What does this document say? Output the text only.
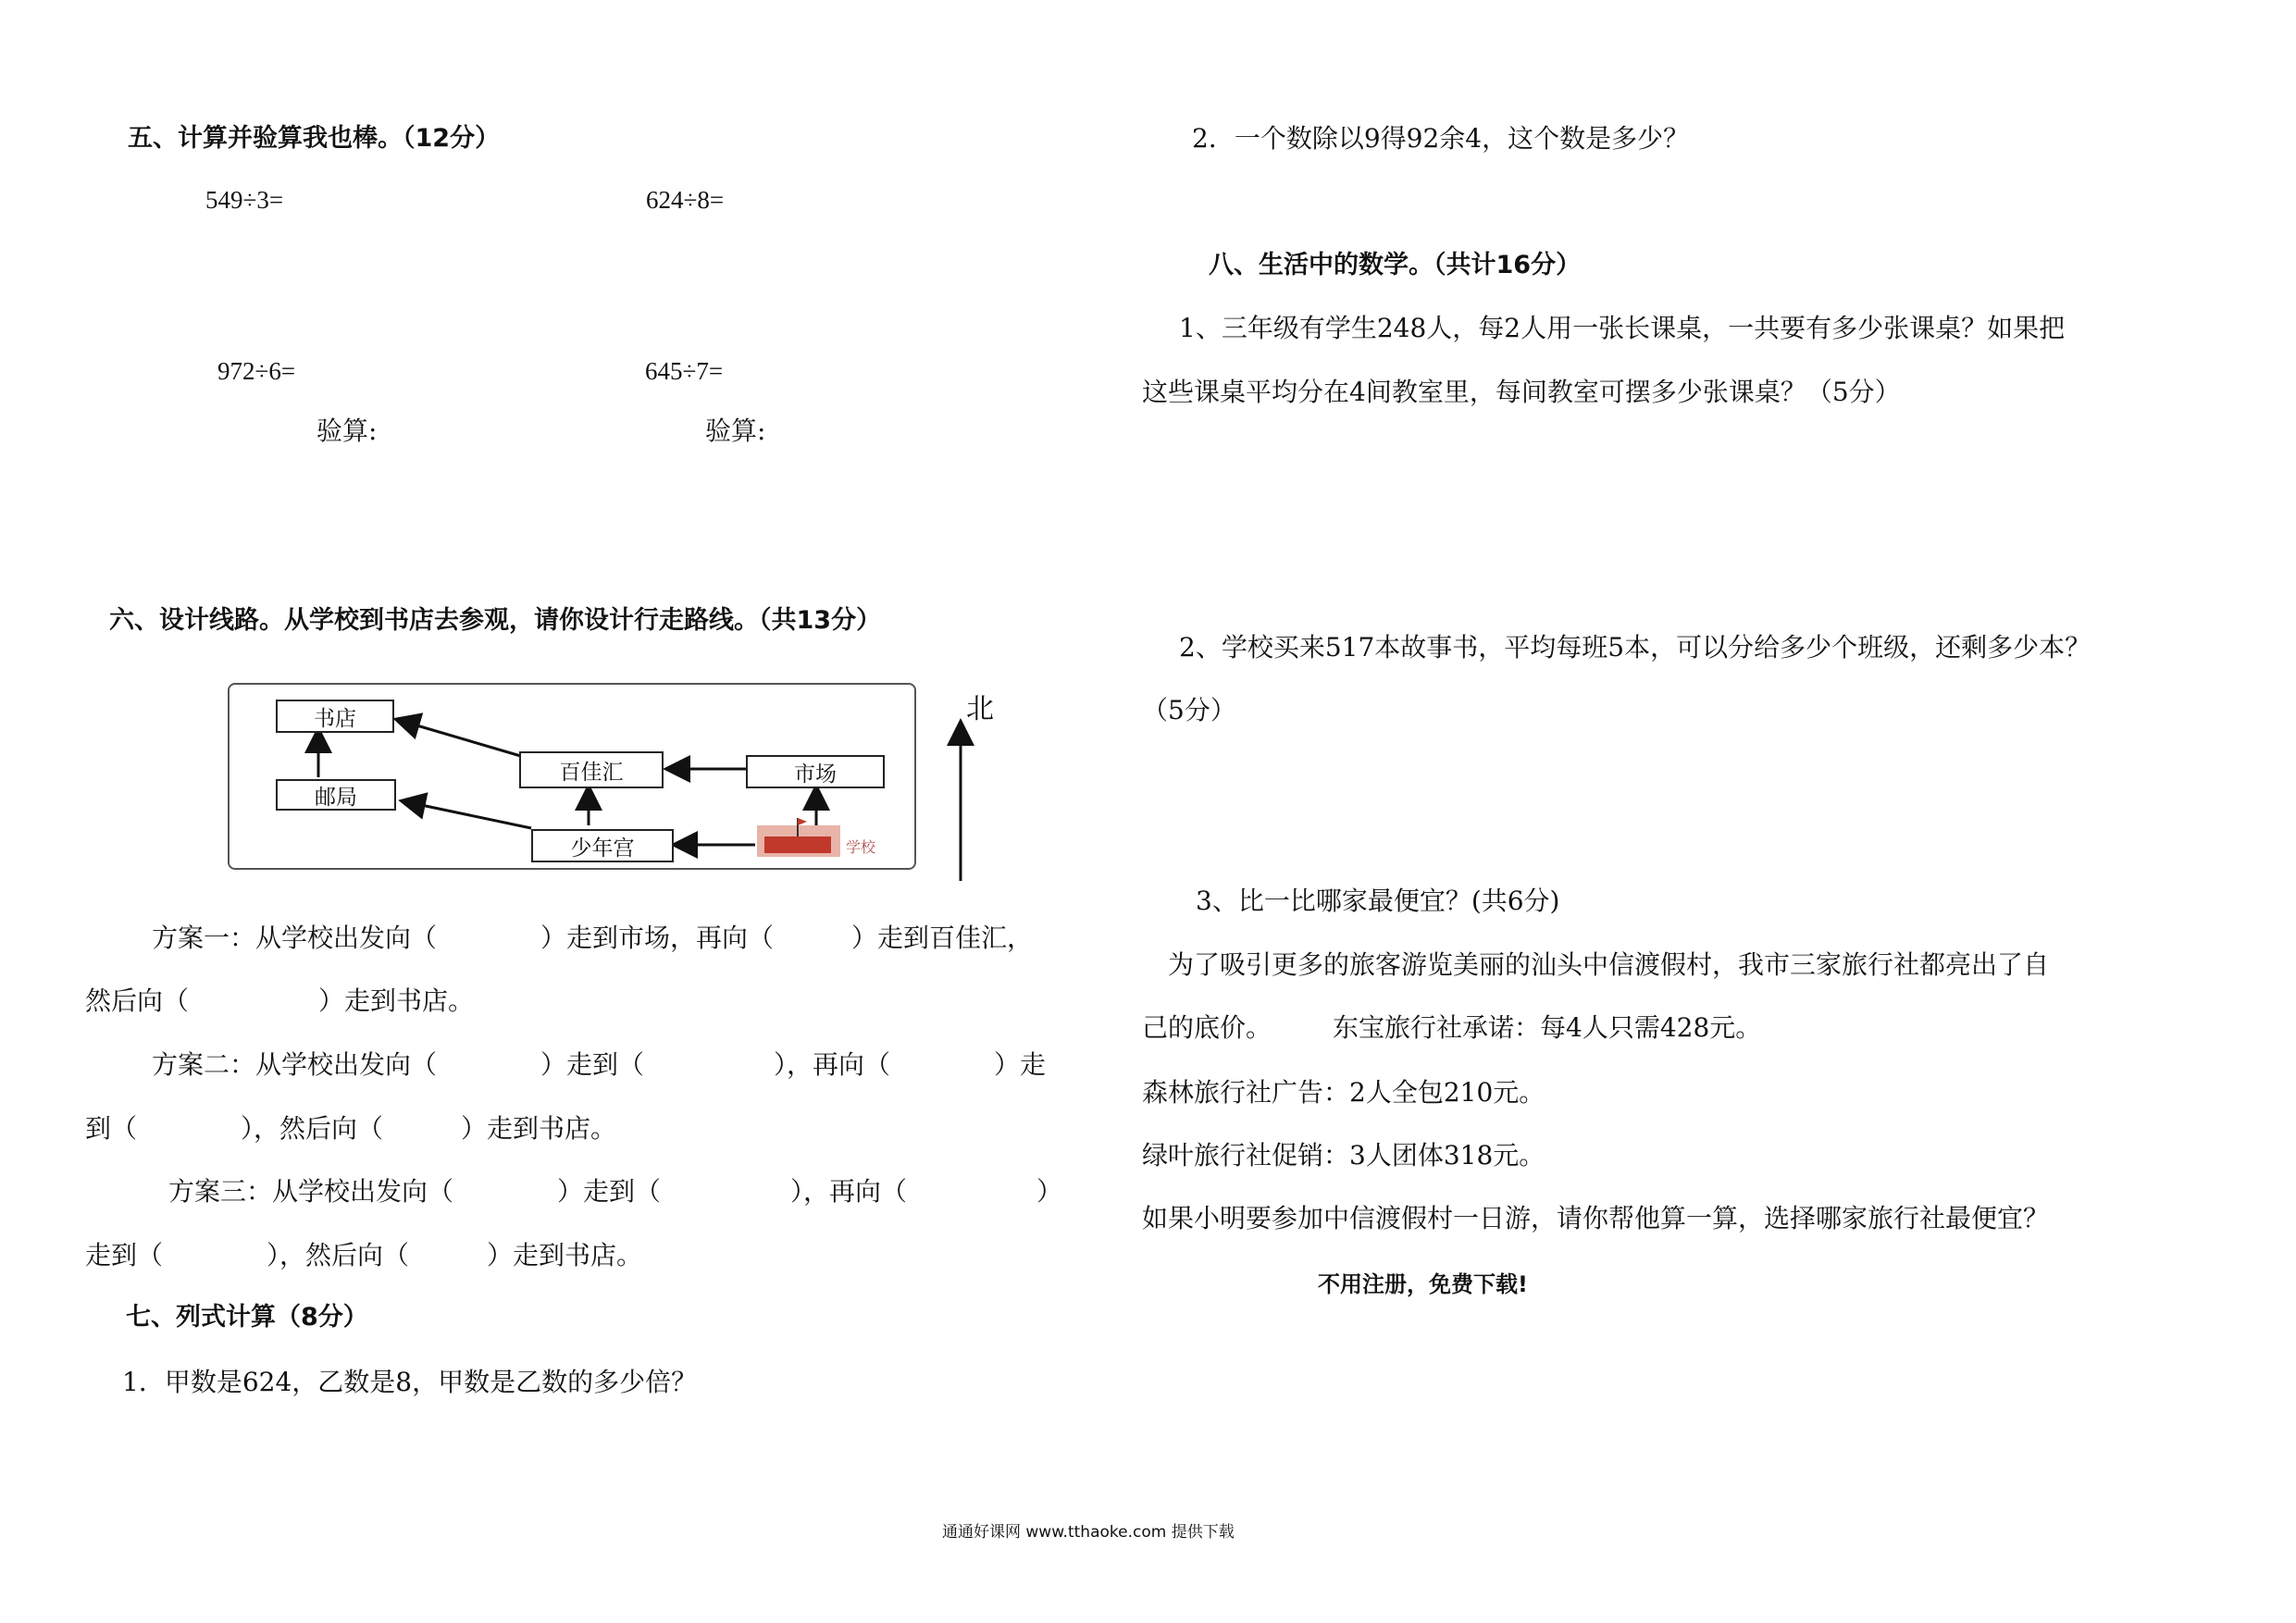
五、计算并验算我也棒。（12分）
549÷3=	624÷8=
972÷6=	645÷7=
验算:	验算:
六、设计线路。从学校到书店去参观，请你设计行走路线。（共13分）
书店
邮局
百佳汇	市场
少年宫	学校
北
方案一：从学校出发向（　　　　）走到市场，再向（　　　）走到百佳汇，
然后向（　　　　　）走到书店。
方案二：从学校出发向（　　　　）走到（　　　　　），再向（　　　　）走
到（　　　　），然后向（　　　）走到书店。
方案三：从学校出发向（　　　　）走到（　　　　　），再向（　　　　　）
走到（　　　　），然后向（　　　）走到书店。
七、列式计算（8分）
1．甲数是624，乙数是8，甲数是乙数的多少倍？
2．一个数除以9得92余4，这个数是多少？
八、生活中的数学。（共计16分）
1、三年级有学生248人，每2人用一张长课桌，一共要有多少张课桌？如果把
这些课桌平均分在4间教室里，每间教室可摆多少张课桌？（5分）
2、学校买来517本故事书，平均每班5本，可以分给多少个班级，还剩多少本？
（5分）
3、比一比哪家最便宜？(共6分)
为了吸引更多的旅客游览美丽的汕头中信渡假村，我市三家旅行社都亮出了自
己的底价。 东宝旅行社承诺：每4人只需428元。
森林旅行社广告：2人全包210元。
绿叶旅行社促销：3人团体318元。
如果小明要参加中信渡假村一日游，请你帮他算一算，选择哪家旅行社最便宜？
不用注册，免费下载!
通通好课网 www.tthaoke.com 提供下载
